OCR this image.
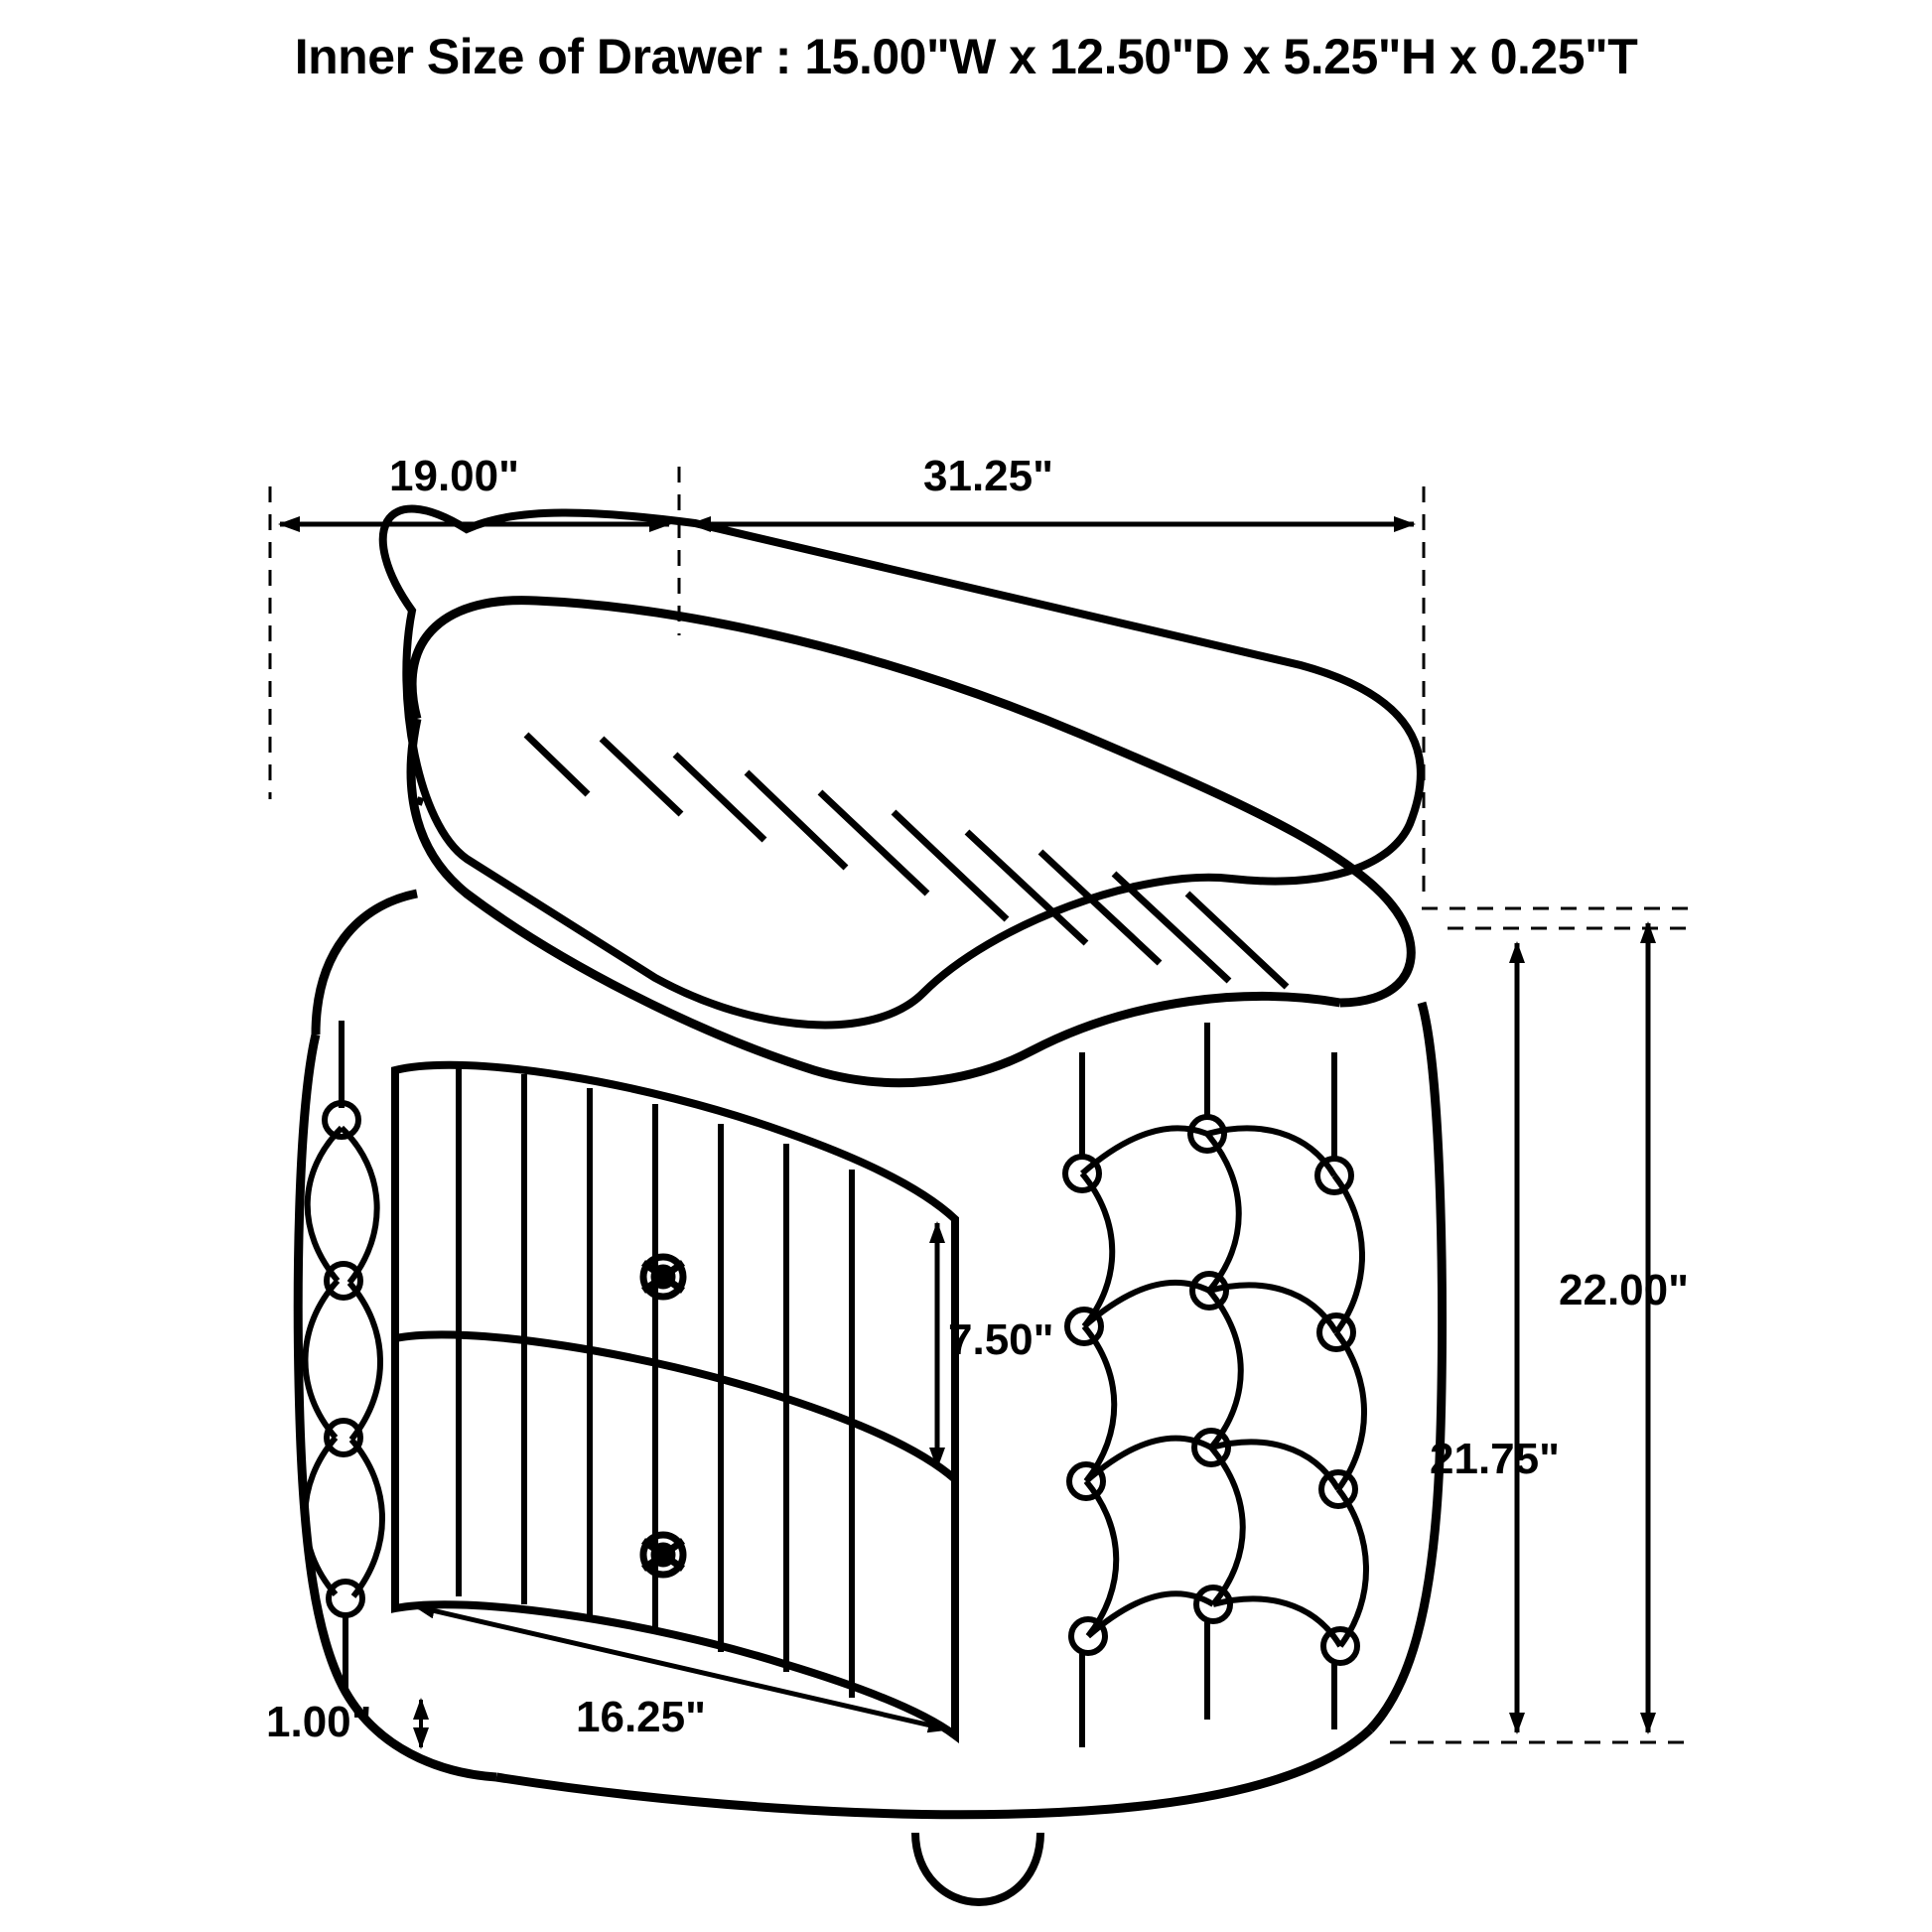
Inner Size of Drawer : 15.00"W x 12.50"D x 5.25"H x 0.25"T
19.00"	31.25"
22.00"
21.75"
7.50"
16.25"
1.00"
